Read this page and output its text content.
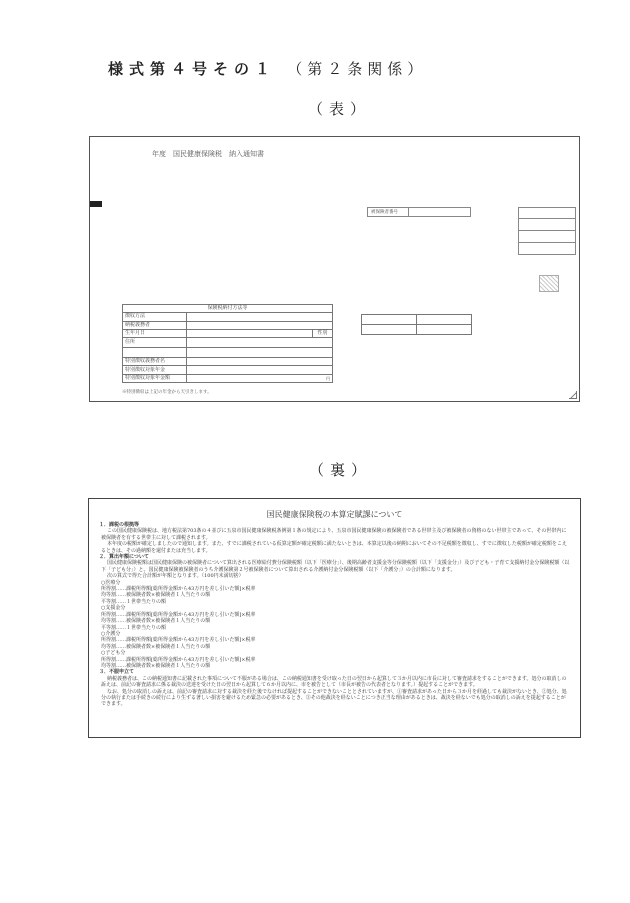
様式第４号その１ （第２条関係）
（表）
年度　国民健康保険税　納入通知書
被保険者番号
保険税納付方法等		
徴収方法		
納税義務者		
生年月日		性別
住所		

特別徴収義務者名		
特別徴収対象年金		
特別徴収対象年金額	円	
※特別徴収は上記の年金から天引きします。

（裏）
国民健康保険税の本算定賦課について
１．課税の根拠等
この国民健康保険税は、地方税法第703条の４並びに五泉市国民健康保険税条例第１条の規定により、五泉市国民健康保険の被保険者である世帯主及び被保険者の資格のない世帯主であって、その世帯内に被保険者を有する世帯主に対して課税されます。
本年度の税額が確定しましたので通知します。また、すでに課税されている仮算定額が確定税額に満たないときは、本算定以後の納期においてその不足税額を徴収し、すでに徴収した税額が確定税額をこえるときは、その過納額を還付または充当します。
２．算出年額について
国民健康保険税額は国民健康保険の被保険者について算出される医療給付費分保険税額（以下「医療分」）、後期高齢者支援金等分保険税額（以下「支援金分」）及び子ども・子育て支援納付金分保険税額（以下「子ども分」）と、国民健康保険被保険者のうち介護保険第２号被保険者について算出される介護納付金分保険税額（以下「介護分」）の合計額になります。
次の算式で得た合計額が年額となります。（100円未満切捨）
○医療分
所得割……課税所得額[総所得金額から43万円を差し引いた額]×税率
均等割……被保険者数×被保険者１人当たりの額
平等割……１世帯当たりの額
○支援金分
所得割……課税所得額[総所得金額から43万円を差し引いた額]×税率
均等割……被保険者数×被保険者１人当たりの額
平等割……１世帯当たりの額
○介護分
所得割……課税所得額[総所得金額から43万円を差し引いた額]×税率
均等割……被保険者数×被保険者１人当たりの額
○子ども分
所得割……課税所得額[総所得金額から43万円を差し引いた額]×税率
均等割……被保険者数×被保険者１人当たりの額
３．不服申立て
納税義務者は、この納税通知書に記載された事項について不服がある場合は、この納税通知書を受け取った日の翌日から起算して３か月以内に市長に対して審査請求をすることができます。処分の取消しの訴えは、前記の審査請求に係る裁決の送達を受けた日の翌日から起算して６か月以内に、市を被告として（市長が被告の代表者となります。）提起することができます。
なお、処分の取消しの訴えは、前記の審査請求に対する裁決を経た後でなければ提起することができないこととされていますが、①審査請求があった日から３か月を経過しても裁決がないとき、②処分、処分の執行または手続きの続行により生ずる著しい損害を避けるため緊急の必要があるとき、③その他裁決を経ないことにつき正当な理由があるときは、裁決を経ないでも処分の取消しの訴えを提起することができます。
